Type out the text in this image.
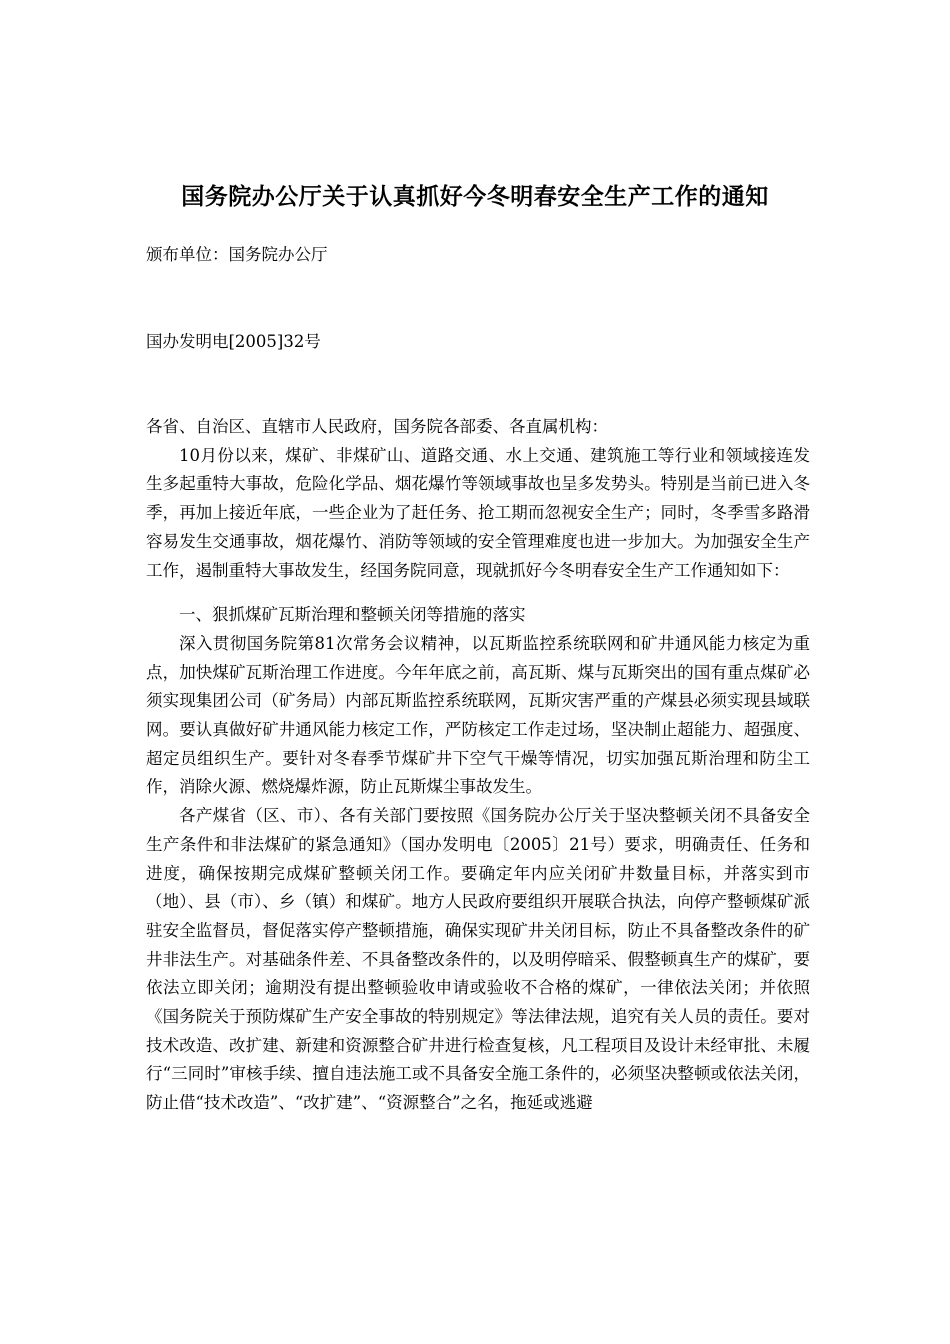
国务院办公厅关于认真抓好今冬明春安全生产工作的通知
颁布单位：国务院办公厅
国办发明电[2005]32号

各省、自治区、直辖市人民政府，国务院各部委、各直属机构：

10月份以来，煤矿、非煤矿山、道路交通、水上交通、建筑施工等行业和领域接连发生多起重特大事故，危险化学品、烟花爆竹等领域事故也呈多发势头。特别是当前已进入冬季，再加上接近年底，一些企业为了赶任务、抢工期而忽视安全生产；同时，冬季雪多路滑容易发生交通事故，烟花爆竹、消防等领域的安全管理难度也进一步加大。为加强安全生产工作，遏制重特大事故发生，经国务院同意，现就抓好今冬明春安全生产工作通知如下：

一、狠抓煤矿瓦斯治理和整顿关闭等措施的落实

深入贯彻国务院第81次常务会议精神，以瓦斯监控系统联网和矿井通风能力核定为重点，加快煤矿瓦斯治理工作进度。今年年底之前，高瓦斯、煤与瓦斯突出的国有重点煤矿必须实现集团公司（矿务局）内部瓦斯监控系统联网，瓦斯灾害严重的产煤县必须实现县域联网。要认真做好矿井通风能力核定工作，严防核定工作走过场，坚决制止超能力、超强度、超定员组织生产。要针对冬春季节煤矿井下空气干燥等情况，切实加强瓦斯治理和防尘工作，消除火源、燃烧爆炸源，防止瓦斯煤尘事故发生。

各产煤省（区、市）、各有关部门要按照《国务院办公厅关于坚决整顿关闭不具备安全生产条件和非法煤矿的紧急通知》（国办发明电〔2005〕21号）要求，明确责任、任务和进度，确保按期完成煤矿整顿关闭工作。要确定年内应关闭矿井数量目标，并落实到市（地）、县（市）、乡（镇）和煤矿。地方人民政府要组织开展联合执法，向停产整顿煤矿派驻安全监督员，督促落实停产整顿措施，确保实现矿井关闭目标，防止不具备整改条件的矿井非法生产。对基础条件差、不具备整改条件的，以及明停暗采、假整顿真生产的煤矿，要依法立即关闭；逾期没有提出整顿验收申请或验收不合格的煤矿，一律依法关闭；并依照《国务院关于预防煤矿生产安全事故的特别规定》等法律法规，追究有关人员的责任。要对技术改造、改扩建、新建和资源整合矿井进行检查复核，凡工程项目及设计未经审批、未履行“三同时”审核手续、擅自违法施工或不具备安全施工条件的，必须坚决整顿或依法关闭，防止借“技术改造”、“改扩建”、“资源整合”之名，拖延或逃避
